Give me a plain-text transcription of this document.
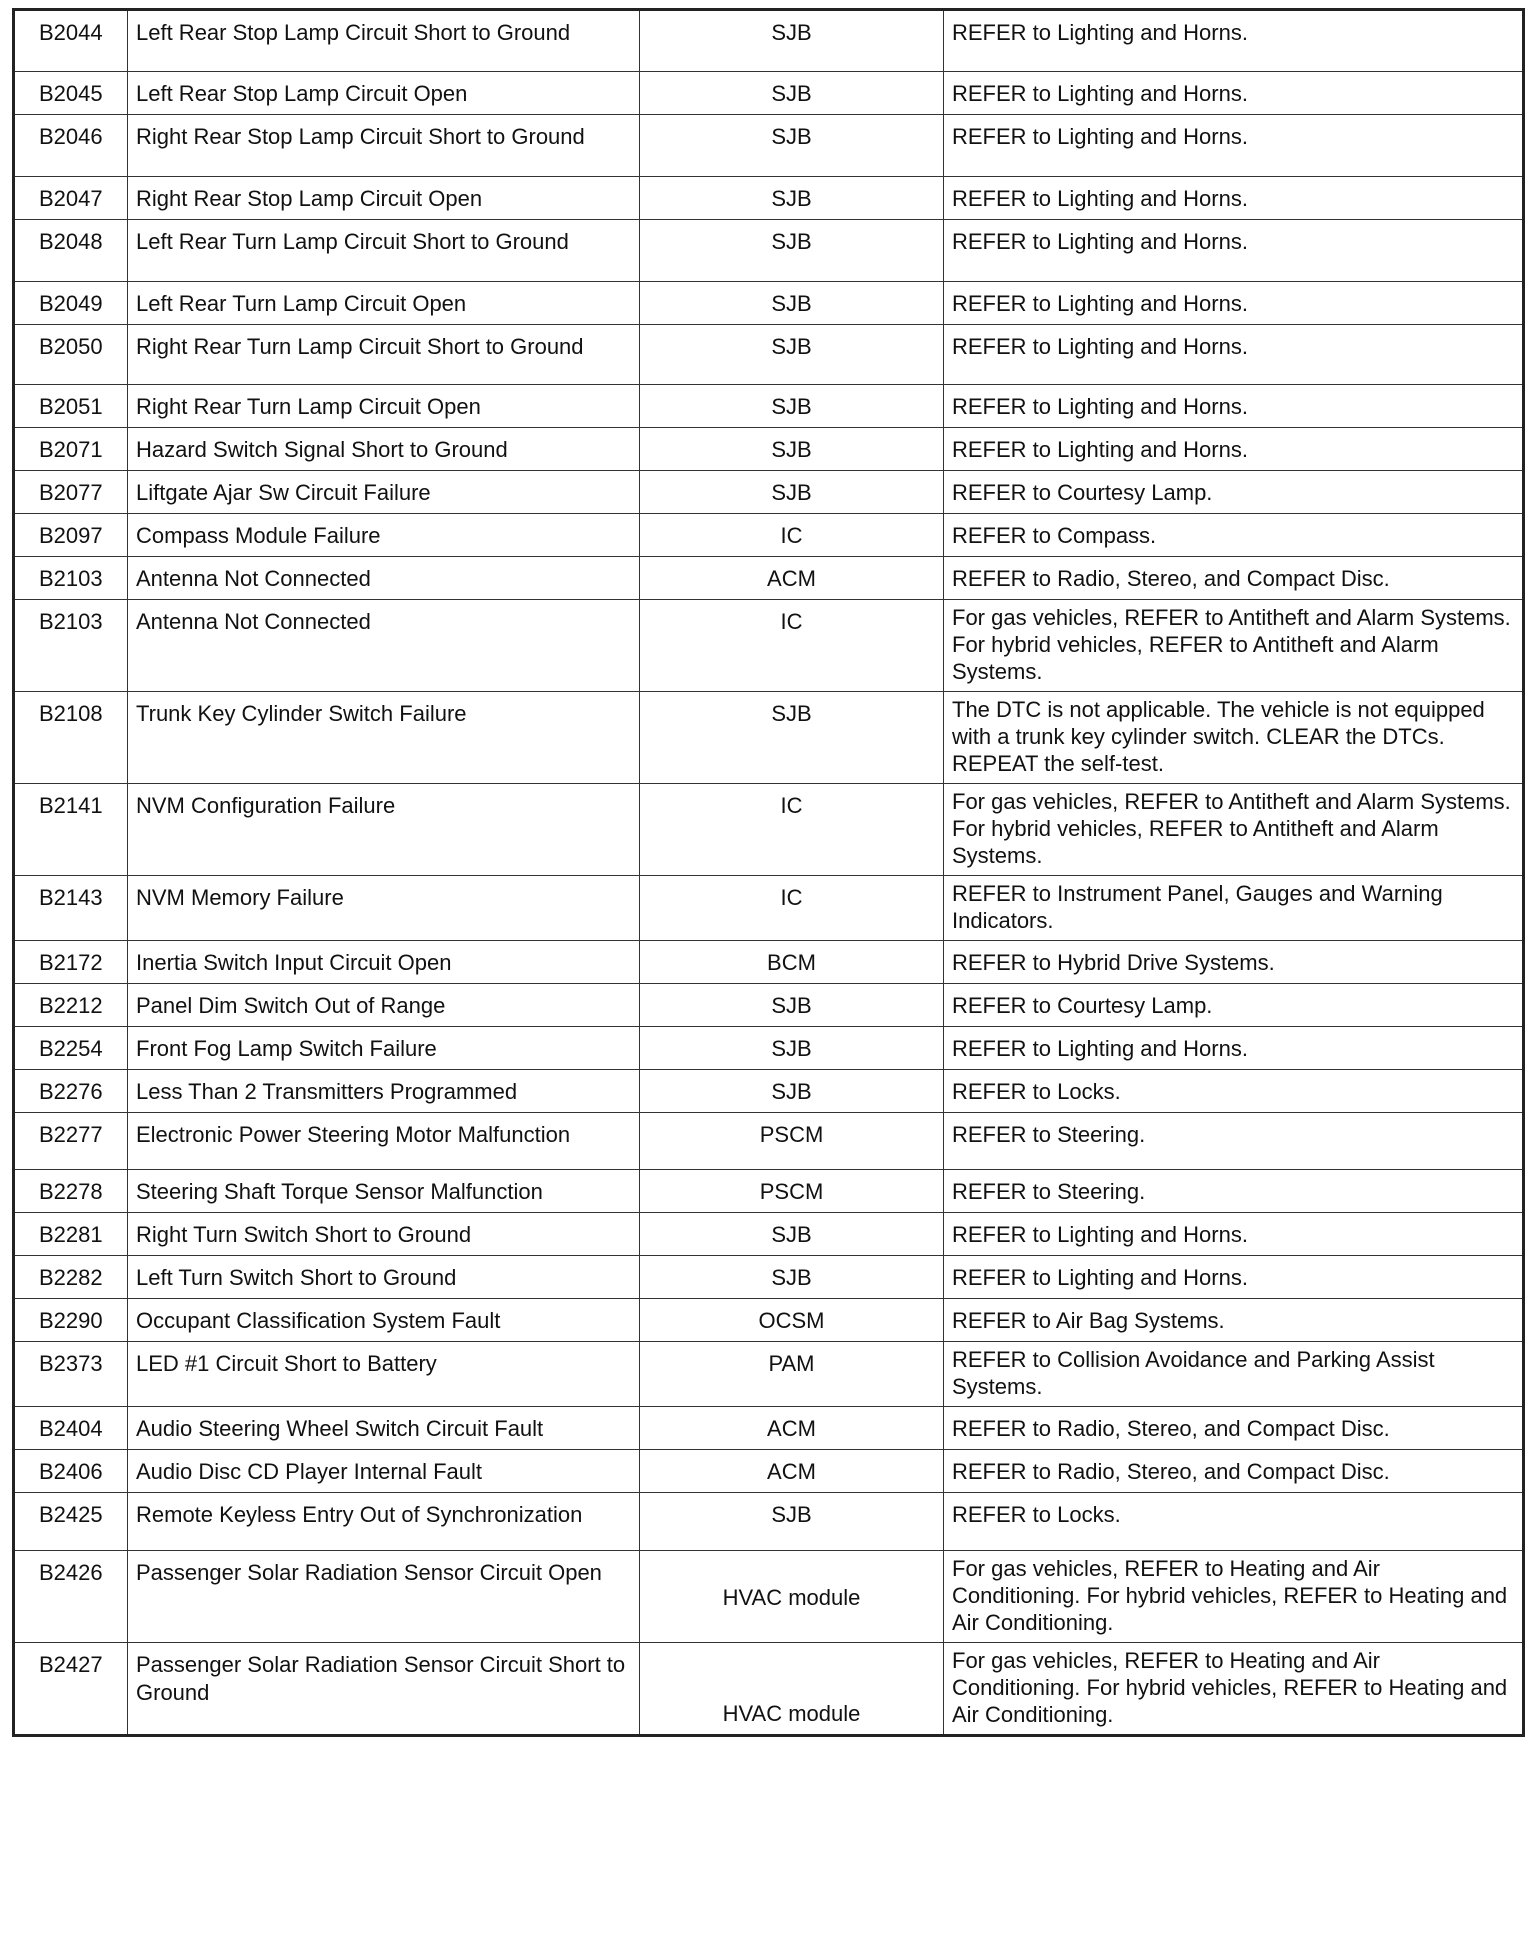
B2044	Left Rear Stop Lamp Circuit Short to Ground	SJB	REFER to Lighting and Horns.
B2045	Left Rear Stop Lamp Circuit Open	SJB	REFER to Lighting and Horns.
B2046	Right Rear Stop Lamp Circuit Short to Ground	SJB	REFER to Lighting and Horns.
B2047	Right Rear Stop Lamp Circuit Open	SJB	REFER to Lighting and Horns.
B2048	Left Rear Turn Lamp Circuit Short to Ground	SJB	REFER to Lighting and Horns.
B2049	Left Rear Turn Lamp Circuit Open	SJB	REFER to Lighting and Horns.
B2050	Right Rear Turn Lamp Circuit Short to Ground	SJB	REFER to Lighting and Horns.
B2051	Right Rear Turn Lamp Circuit Open	SJB	REFER to Lighting and Horns.
B2071	Hazard Switch Signal Short to Ground	SJB	REFER to Lighting and Horns.
B2077	Liftgate Ajar Sw Circuit Failure	SJB	REFER to Courtesy Lamp.
B2097	Compass Module Failure	IC	REFER to Compass.
B2103	Antenna Not Connected	ACM	REFER to Radio, Stereo, and Compact Disc.
B2103	Antenna Not Connected	IC	For gas vehicles, REFER to Antitheft and Alarm Systems. For hybrid vehicles, REFER to Antitheft and Alarm Systems.
B2108	Trunk Key Cylinder Switch Failure	SJB	The DTC is not applicable. The vehicle is not equipped with a trunk key cylinder switch. CLEAR the DTCs. REPEAT the self-test.
B2141	NVM Configuration Failure	IC	For gas vehicles, REFER to Antitheft and Alarm Systems. For hybrid vehicles, REFER to Antitheft and Alarm Systems.
B2143	NVM Memory Failure	IC	REFER to Instrument Panel, Gauges and Warning Indicators.
B2172	Inertia Switch Input Circuit Open	BCM	REFER to Hybrid Drive Systems.
B2212	Panel Dim Switch Out of Range	SJB	REFER to Courtesy Lamp.
B2254	Front Fog Lamp Switch Failure	SJB	REFER to Lighting and Horns.
B2276	Less Than 2 Transmitters Programmed	SJB	REFER to Locks.
B2277	Electronic Power Steering Motor Malfunction	PSCM	REFER to Steering.
B2278	Steering Shaft Torque Sensor Malfunction	PSCM	REFER to Steering.
B2281	Right Turn Switch Short to Ground	SJB	REFER to Lighting and Horns.
B2282	Left Turn Switch Short to Ground	SJB	REFER to Lighting and Horns.
B2290	Occupant Classification System Fault	OCSM	REFER to Air Bag Systems.
B2373	LED #1 Circuit Short to Battery	PAM	REFER to Collision Avoidance and Parking Assist Systems.
B2404	Audio Steering Wheel Switch Circuit Fault	ACM	REFER to Radio, Stereo, and Compact Disc.
B2406	Audio Disc CD Player Internal Fault	ACM	REFER to Radio, Stereo, and Compact Disc.
B2425	Remote Keyless Entry Out of Synchronization	SJB	REFER to Locks.
B2426	Passenger Solar Radiation Sensor Circuit Open	HVAC module	For gas vehicles, REFER to Heating and Air Conditioning. For hybrid vehicles, REFER to Heating and Air Conditioning.
B2427	Passenger Solar Radiation Sensor Circuit Short to Ground	HVAC module	For gas vehicles, REFER to Heating and Air Conditioning. For hybrid vehicles, REFER to Heating and Air Conditioning.
